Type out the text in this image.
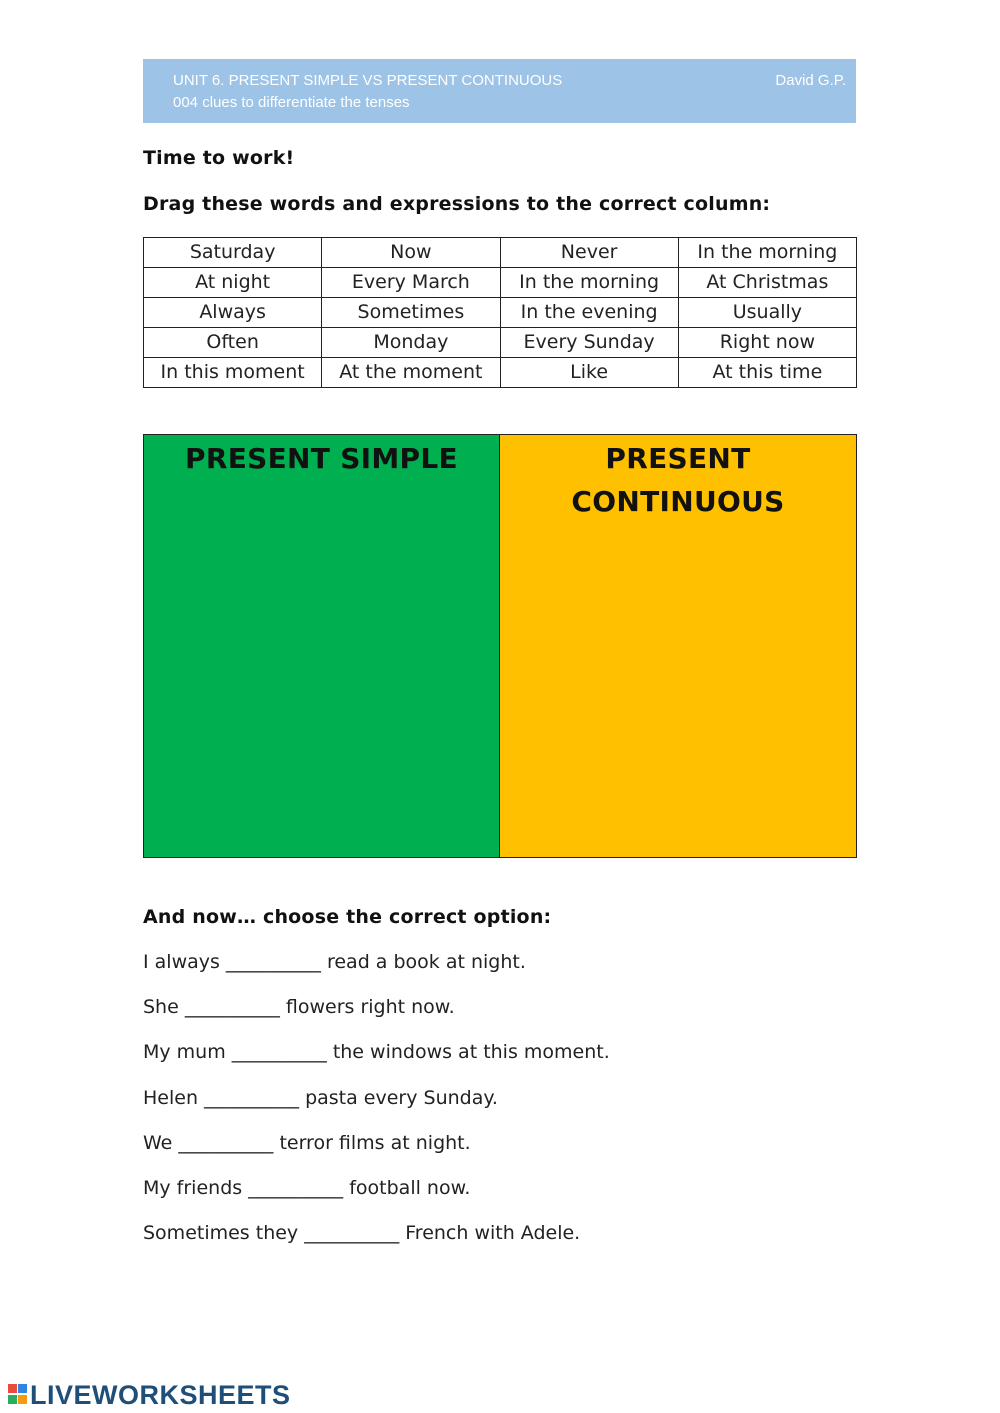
UNIT 6. PRESENT SIMPLE VS PRESENT CONTINUOUS
004 clues to differentiate the tenses
David G.P.
Time to work!
Drag these words and expressions to the correct column:
Saturday	Now	Never	In the morning
At night	Every March	In the morning	At Christmas
Always	Sometimes	In the evening	Usually
Often	Monday	Every Sunday	Right now
In this moment	At the moment	Like	At this time
PRESENT SIMPLE	PRESENT
CONTINUOUS
And now… choose the correct option:
I always __________ read a book at night.
She __________ flowers right now.
My mum __________ the windows at this moment.
Helen __________ pasta every Sunday.
We __________ terror films at night.
My friends __________ football now.
Sometimes they __________ French with Adele.
LIVEWORKSHEETS
